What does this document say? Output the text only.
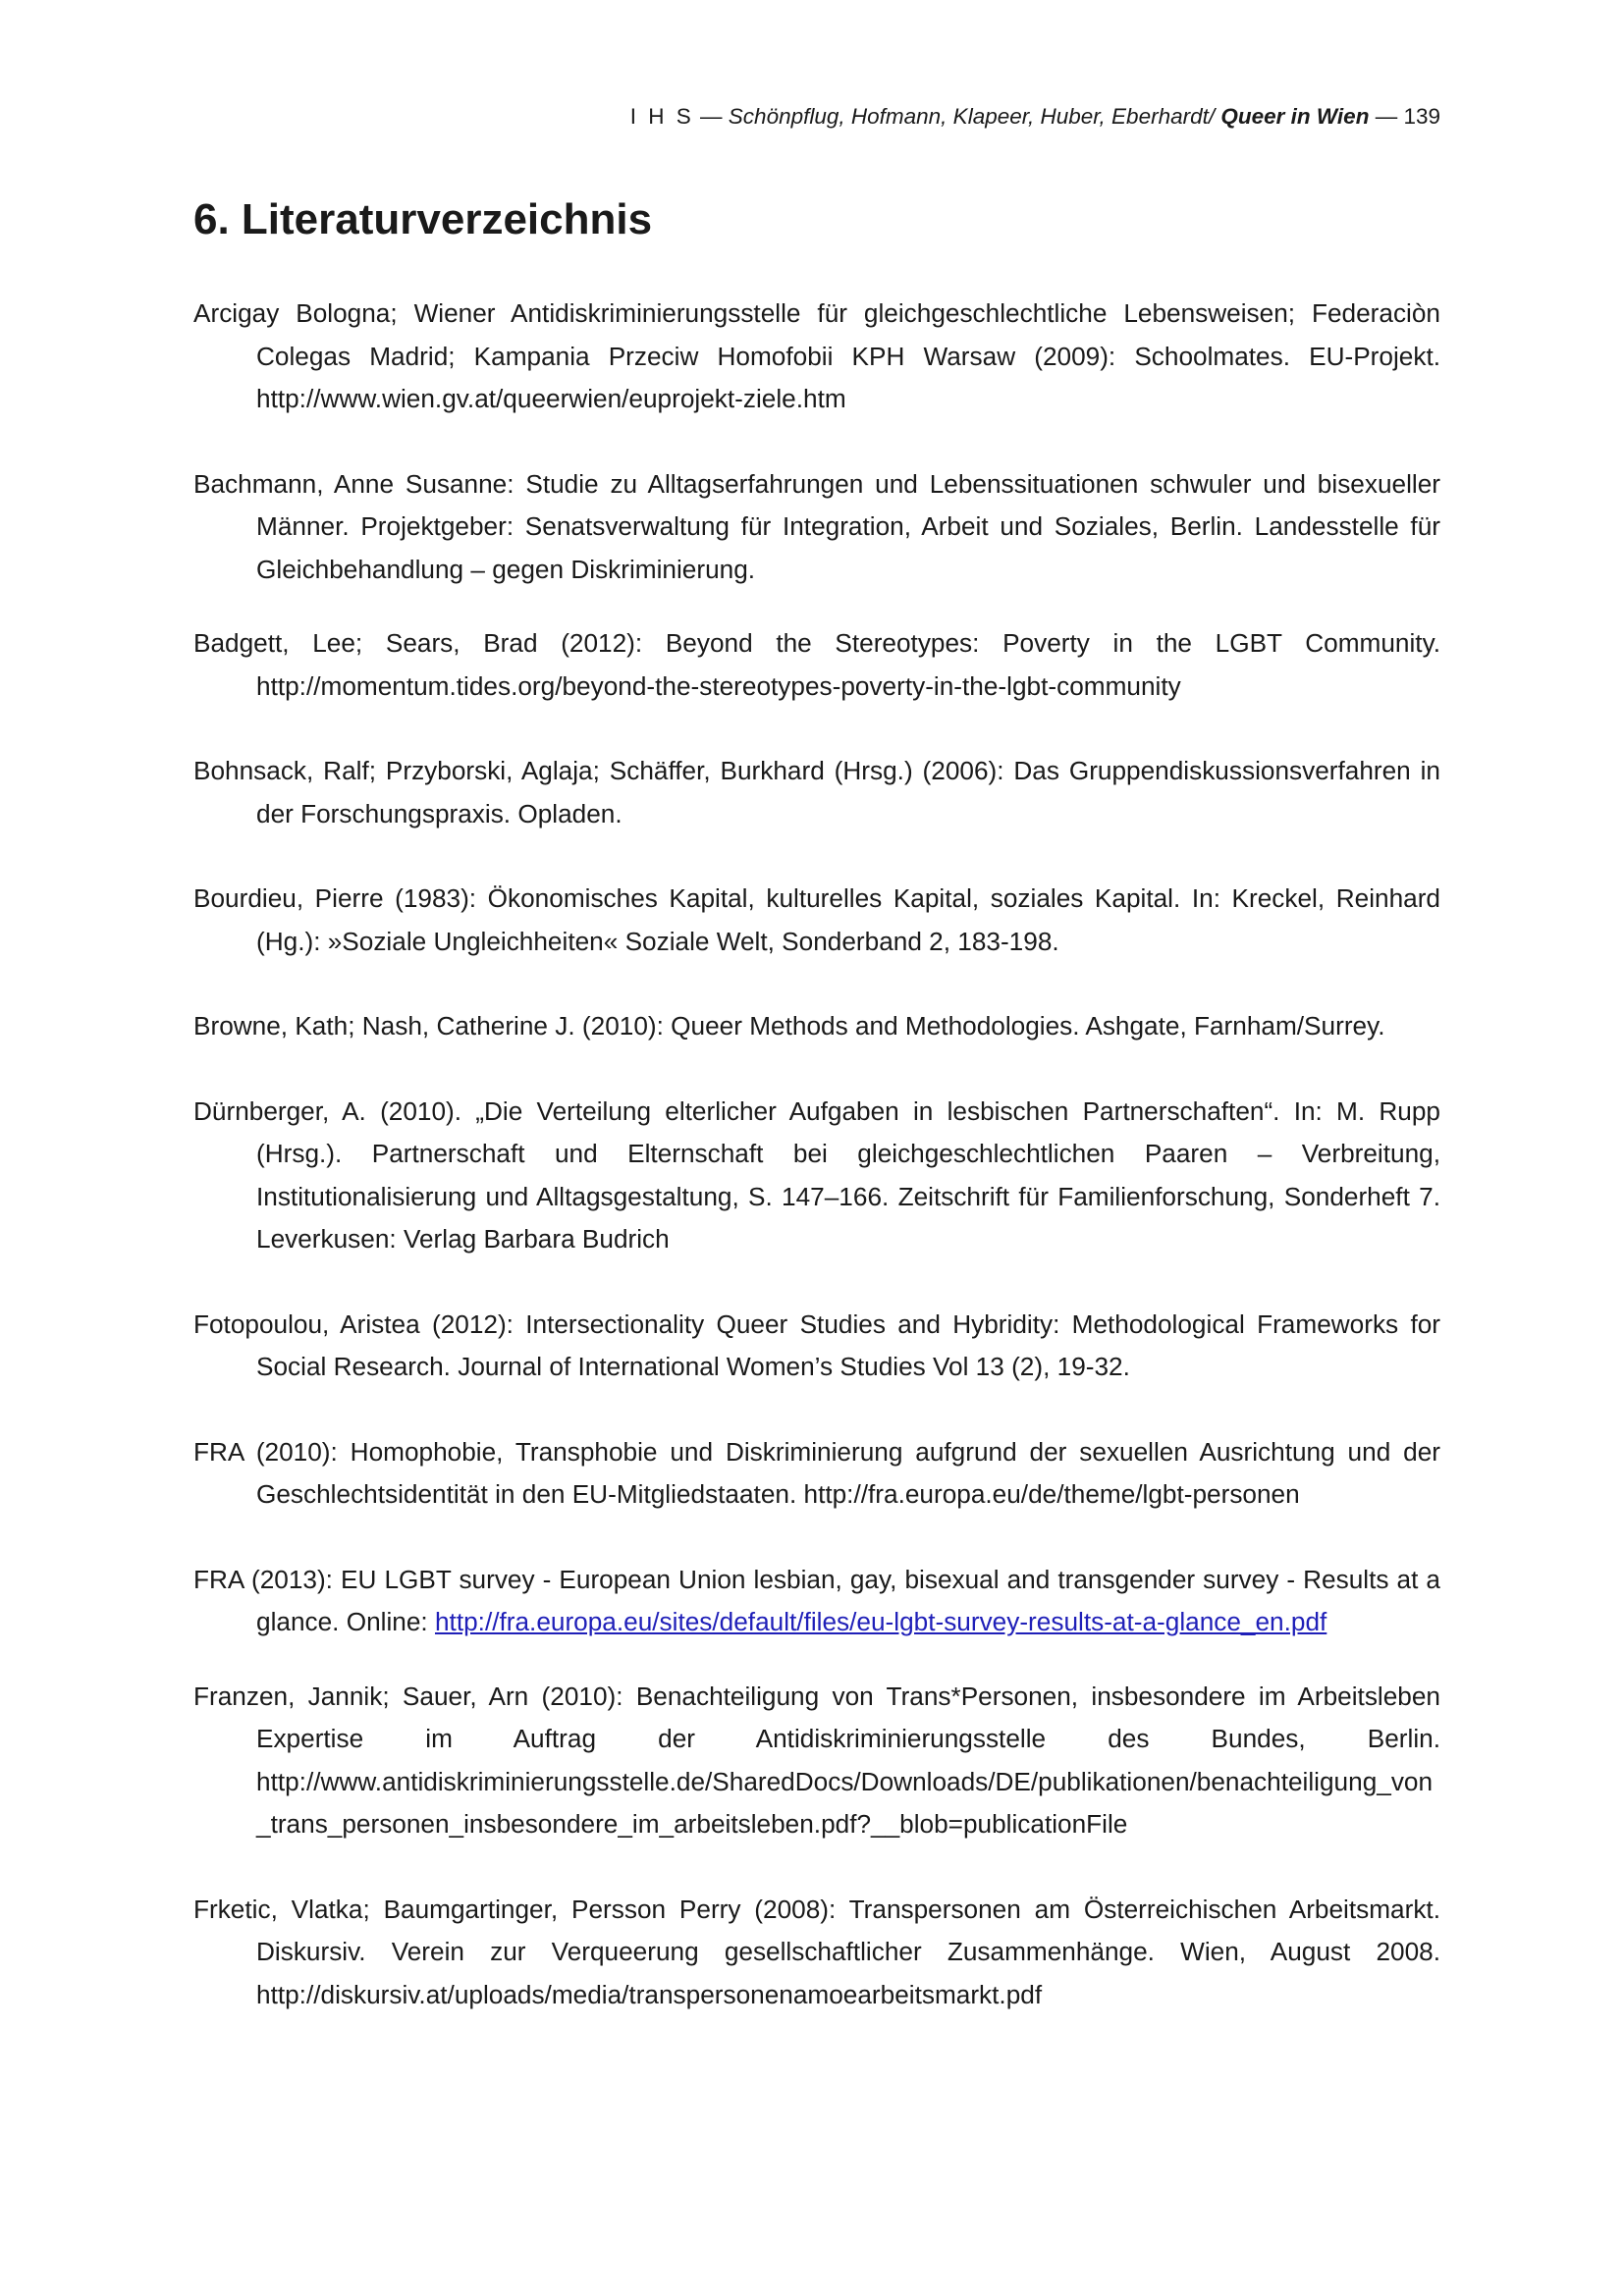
I H S — Schönpflug, Hofmann, Klapeer, Huber, Eberhardt/ Queer in Wien — 139
6. Literaturverzeichnis

Arcigay Bologna; Wiener Antidiskriminierungsstelle für gleichgeschlechtliche Lebensweisen; Federaciòn Colegas Madrid; Kampania Przeciw Homofobii KPH Warsaw (2009): Schoolmates. EU-Projekt. http://www.wien.gv.at/queerwien/euprojekt-ziele.htm

Bachmann, Anne Susanne: Studie zu Alltagserfahrungen und Lebenssituationen schwuler und bisexueller Männer. Projektgeber: Senatsverwaltung für Integration, Arbeit und Soziales, Berlin. Landesstelle für Gleichbehandlung – gegen Diskriminierung.

Badgett, Lee; Sears, Brad (2012): Beyond the Stereotypes: Poverty in the LGBT Community. http://momentum.tides.org/beyond-the-stereotypes-poverty-in-the-lgbt-community

Bohnsack, Ralf; Przyborski, Aglaja; Schäffer, Burkhard (Hrsg.) (2006): Das Gruppendiskussionsverfahren in der Forschungspraxis. Opladen.

Bourdieu, Pierre (1983): Ökonomisches Kapital, kulturelles Kapital, soziales Kapital. In: Kreckel, Reinhard (Hg.): »Soziale Ungleichheiten« Soziale Welt, Sonderband 2, 183-198.

Browne, Kath; Nash, Catherine J. (2010): Queer Methods and Methodologies. Ashgate, Farnham/Surrey.

Dürnberger, A. (2010). „Die Verteilung elterlicher Aufgaben in lesbischen Partnerschaften“. In: M. Rupp (Hrsg.). Partnerschaft und Elternschaft bei gleichgeschlechtlichen Paaren – Verbreitung, Institutionalisierung und Alltagsgestaltung, S. 147–166. Zeitschrift für Familienforschung, Sonderheft 7. Leverkusen: Verlag Barbara Budrich

Fotopoulou, Aristea (2012): Intersectionality Queer Studies and Hybridity: Methodological Frameworks for Social Research. Journal of International Women’s Studies Vol 13 (2), 19-32.

FRA (2010): Homophobie, Transphobie und Diskriminierung aufgrund der sexuellen Ausrichtung und der Geschlechtsidentität in den EU-Mitgliedstaaten. http://fra.europa.eu/de/theme/lgbt-personen

FRA (2013): EU LGBT survey - European Union lesbian, gay, bisexual and transgender survey - Results at a glance. Online: http://fra.europa.eu/sites/default/files/eu-lgbt-survey-results-at-a-glance_en.pdf

Franzen, Jannik; Sauer, Arn (2010): Benachteiligung von Trans*Personen, insbesondere im Arbeitsleben Expertise im Auftrag der Antidiskriminierungsstelle des Bundes, Berlin. http://www.antidiskriminierungsstelle.de/SharedDocs/Downloads/DE/publikationen/benachteiligung_von_trans_personen_insbesondere_im_arbeitsleben.pdf?__blob=publicationFile

Frketic, Vlatka; Baumgartinger, Persson Perry (2008): Transpersonen am Österreichischen Arbeitsmarkt. Diskursiv. Verein zur Verqueerung gesellschaftlicher Zusammenhänge. Wien, August 2008. http://diskursiv.at/uploads/media/transpersonenamoearbeitsmarkt.pdf
